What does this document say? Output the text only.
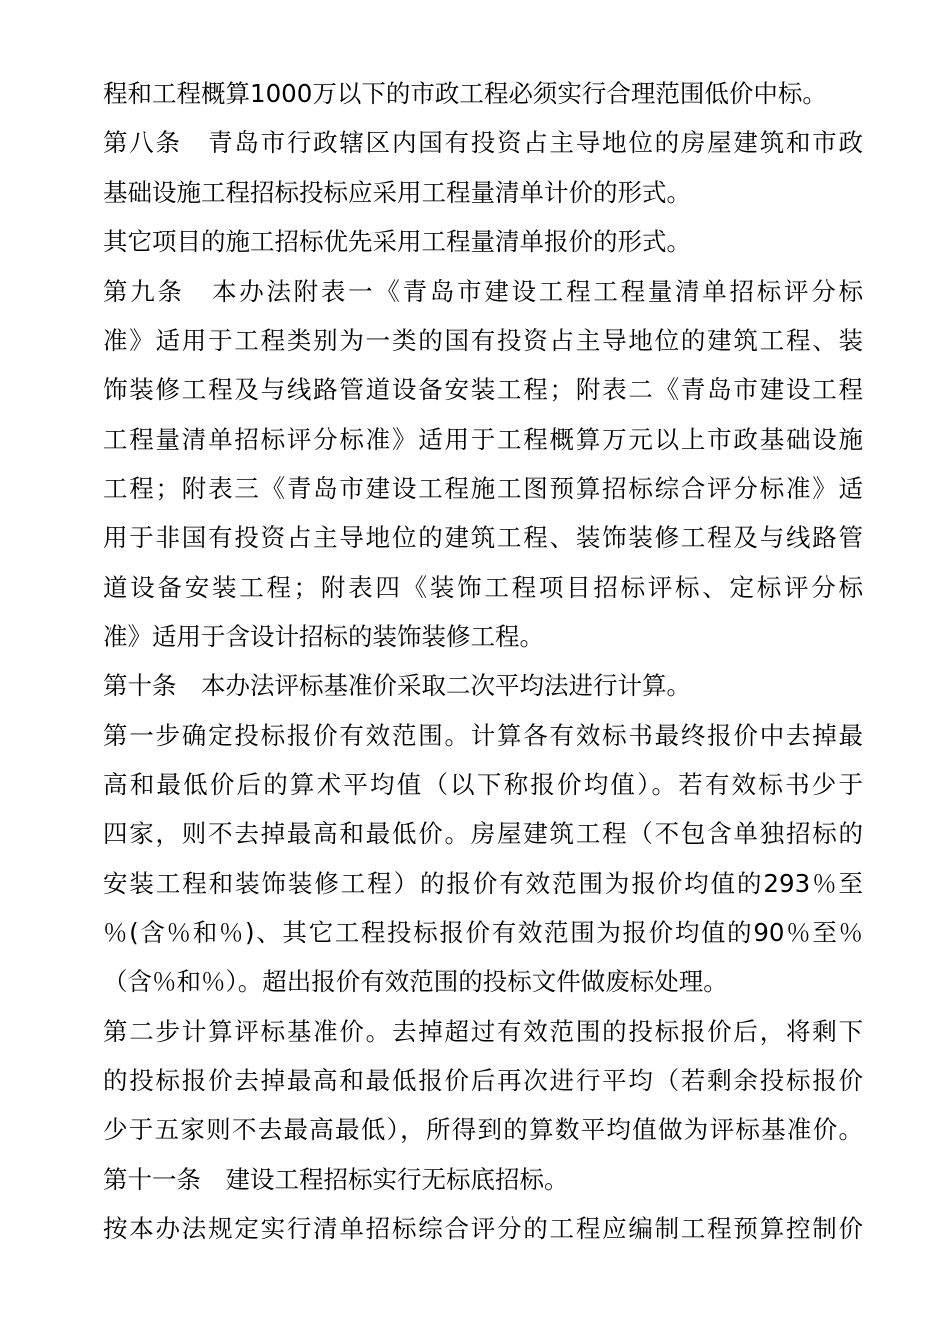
程和工程概算1000万以下的市政工程必须实行合理范围低价中标。
第八条　青岛市行政辖区内国有投资占主导地位的房屋建筑和市政
基础设施工程招标投标应采用工程量清单计价的形式。
其它项目的施工招标优先采用工程量清单报价的形式。
第九条　本办法附表一《青岛市建设工程工程量清单招标评分标
准》适用于工程类别为一类的国有投资占主导地位的建筑工程、装
饰装修工程及与线路管道设备安装工程；附表二《青岛市建设工程
工程量清单招标评分标准》适用于工程概算万元以上市政基础设施
工程；附表三《青岛市建设工程施工图预算招标综合评分标准》适
用于非国有投资占主导地位的建筑工程、装饰装修工程及与线路管
道设备安装工程；附表四《装饰工程项目招标评标、定标评分标
准》适用于含设计招标的装饰装修工程。
第十条　本办法评标基准价采取二次平均法进行计算。
第一步确定投标报价有效范围。计算各有效标书最终报价中去掉最
高和最低价后的算术平均值（以下称报价均值）。若有效标书少于
四家，则不去掉最高和最低价。房屋建筑工程（不包含单独招标的
安装工程和装饰装修工程）的报价有效范围为报价均值的293％至
％(含％和％)、其它工程投标报价有效范围为报价均值的90％至％
（含％和％）。超出报价有效范围的投标文件做废标处理。
第二步计算评标基准价。去掉超过有效范围的投标报价后，将剩下
的投标报价去掉最高和最低报价后再次进行平均（若剩余投标报价
少于五家则不去最高最低），所得到的算数平均值做为评标基准价。
第十一条　建设工程招标实行无标底招标。
按本办法规定实行清单招标综合评分的工程应编制工程预算控制价
